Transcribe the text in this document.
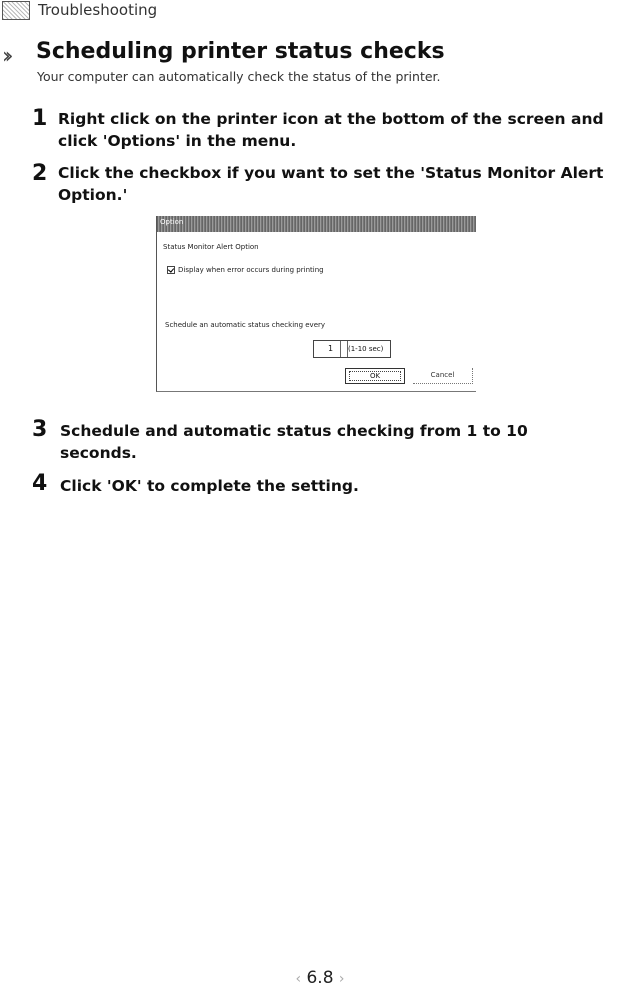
Troubleshooting
›› Scheduling printer status checks
Your computer can automatically check the status of the printer.
1 Right click on the printer icon at the bottom of the screen and click 'Options' in the menu.
2 Click the checkbox if you want to set the 'Status Monitor Alert Option.'
Option
Status Monitor Alert Option
Display when error occurs during printing
Schedule an automatic status checking every
1 (1-10 sec)
OK	Cancel
3 Schedule and automatic status checking from 1 to 10 seconds.
4 Click 'OK' to complete the setting.
‹ 6.8 ›
